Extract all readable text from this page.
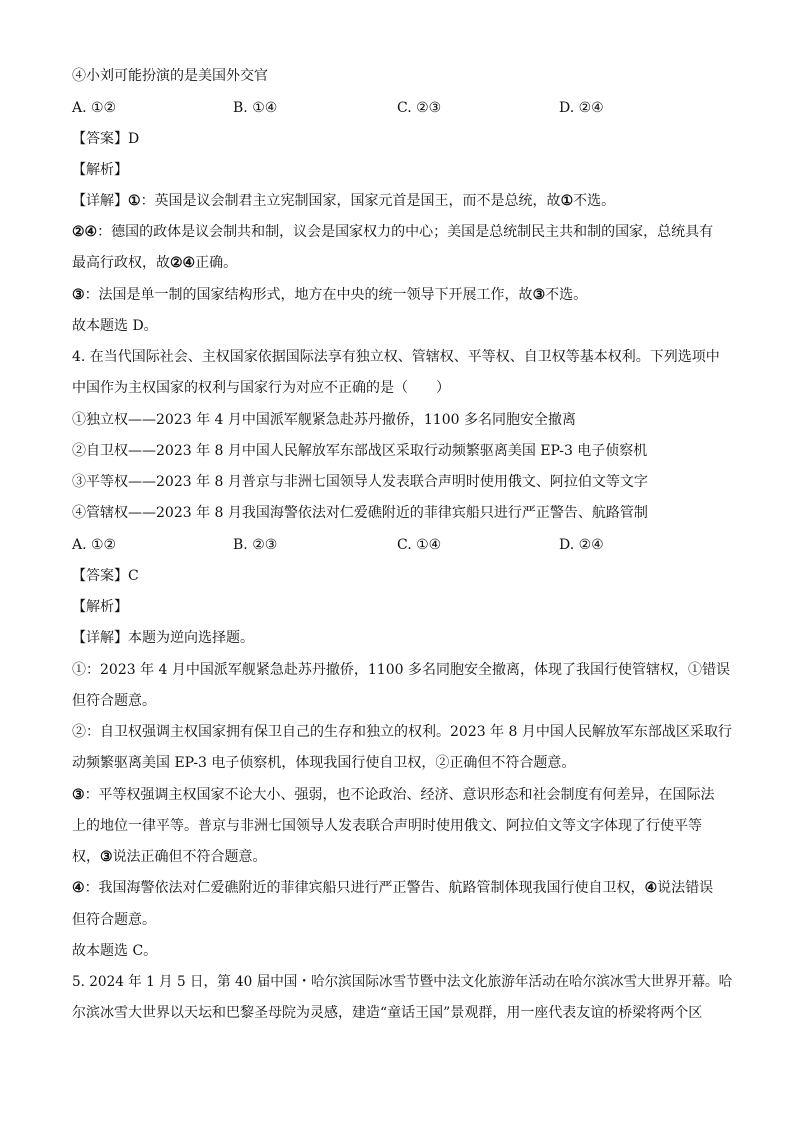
④小刘可能扮演的是美国外交官
A. ①②	B. ①④	C. ②③	D. ②④
【答案】D
【解析】
【详解】①：英国是议会制君主立宪制国家，国家元首是国王，而不是总统，故①不选。
②④：德国的政体是议会制共和制，议会是国家权力的中心；美国是总统制民主共和制的国家，总统具有
最高行政权，故②④正确。
③：法国是单一制的国家结构形式，地方在中央的统一领导下开展工作，故③不选。
故本题选 D。
4. 在当代国际社会、主权国家依据国际法享有独立权、管辖权、平等权、自卫权等基本权利。下列选项中
中国作为主权国家的权利与国家行为对应不正确的是（　　）
①独立权——2023 年 4 月中国派军舰紧急赴苏丹撤侨，1100 多名同胞安全撤离
②自卫权——2023 年 8 月中国人民解放军东部战区采取行动频繁驱离美国 EP-3 电子侦察机
③平等权——2023 年 8 月普京与非洲七国领导人发表联合声明时使用俄文、阿拉伯文等文字
④管辖权——2023 年 8 月我国海警依法对仁爱礁附近的菲律宾船只进行严正警告、航路管制
A. ①②	B. ②③	C. ①④	D. ②④
【答案】C
【解析】
【详解】本题为逆向选择题。
①：2023 年 4 月中国派军舰紧急赴苏丹撤侨，1100 多名同胞安全撤离，体现了我国行使管辖权，①错误
但符合题意。
②：自卫权强调主权国家拥有保卫自己的生存和独立的权利。2023 年 8 月中国人民解放军东部战区采取行
动频繁驱离美国 EP-3 电子侦察机，体现我国行使自卫权，②正确但不符合题意。
③：平等权强调主权国家不论大小、强弱，也不论政治、经济、意识形态和社会制度有何差异，在国际法
上的地位一律平等。普京与非洲七国领导人发表联合声明时使用俄文、阿拉伯文等文字体现了行使平等
权，③说法正确但不符合题意。
④：我国海警依法对仁爱礁附近的菲律宾船只进行严正警告、航路管制体现我国行使自卫权，④说法错误
但符合题意。
故本题选 C。
5. 2024 年 1 月 5 日，第 40 届中国・哈尔滨国际冰雪节暨中法文化旅游年活动在哈尔滨冰雪大世界开幕。哈
尔滨冰雪大世界以天坛和巴黎圣母院为灵感，建造“童话王国”景观群，用一座代表友谊的桥梁将两个区
